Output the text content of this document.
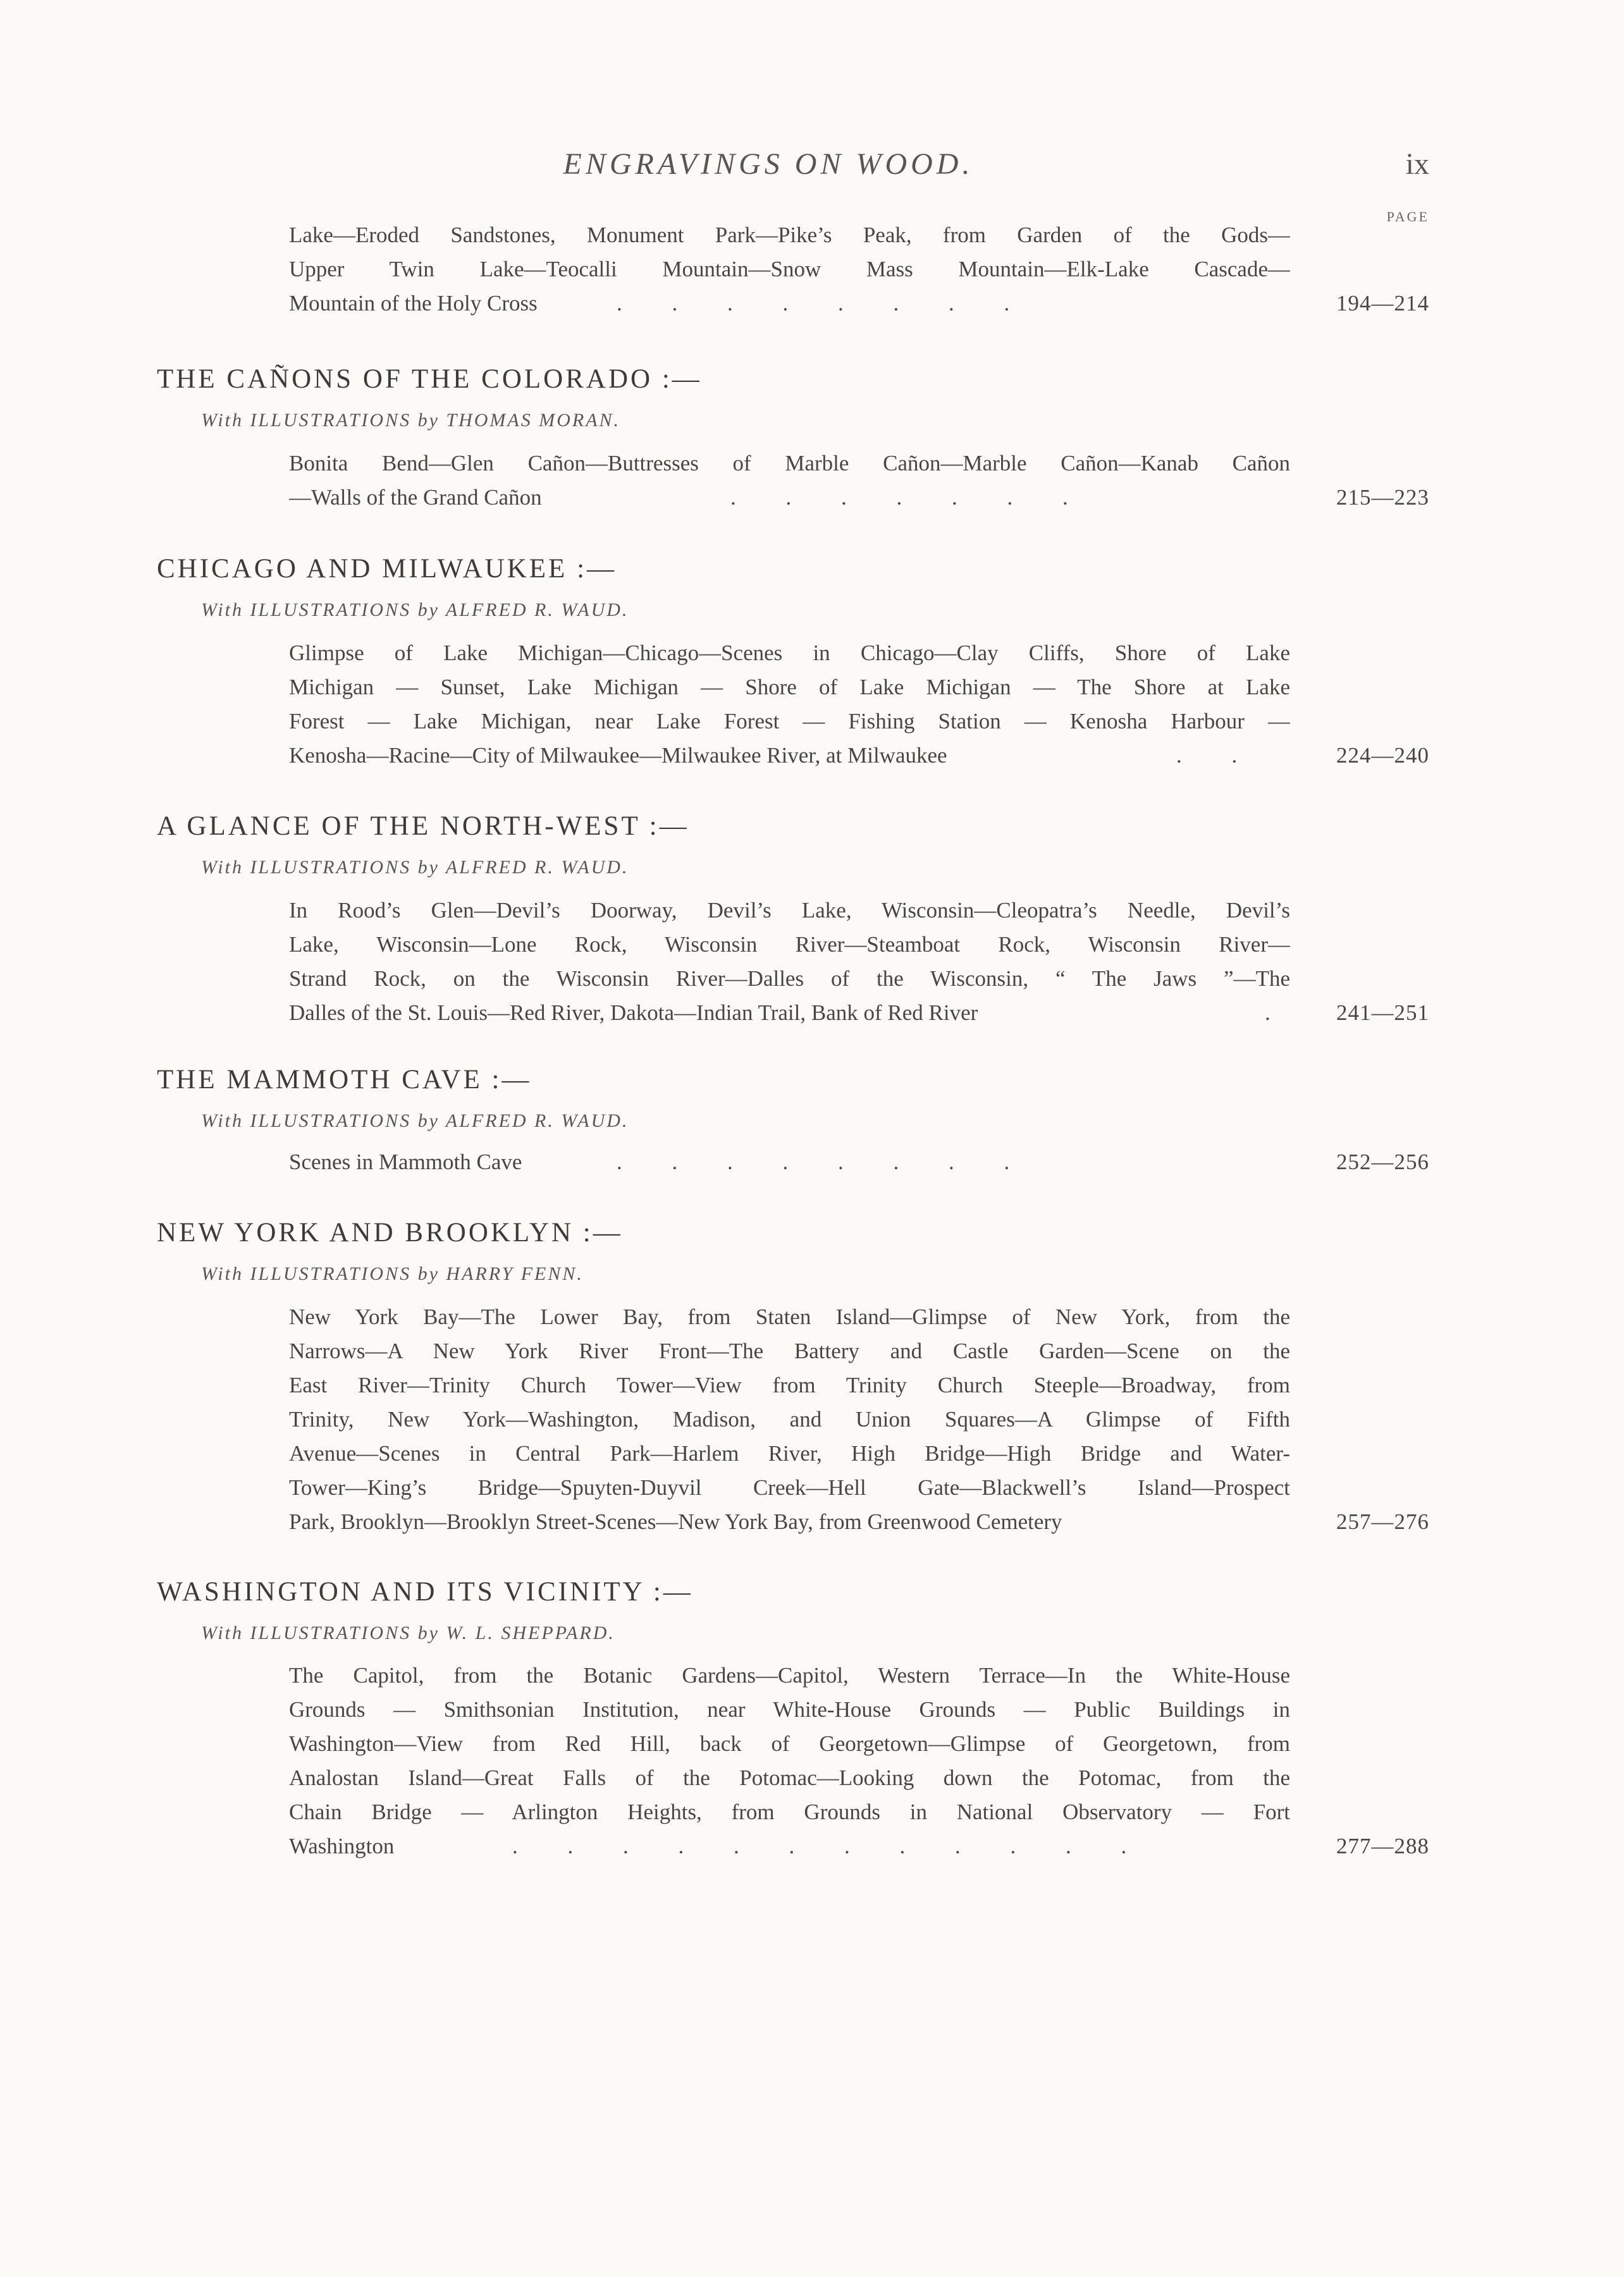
ENGRAVINGS ON WOOD.	ix
PAGE
Lake—Eroded Sandstones, Monument Park—Pike’s Peak, from Garden of the Gods—
Upper Twin Lake—Teocalli Mountain—Snow Mass Mountain—Elk-Lake Cascade—
Mountain of the Holy Cross	.         .         .         .         .         .         .         .	194—214
THE CAÑONS OF THE COLORADO :—
With ILLUSTRATIONS by THOMAS MORAN.
Bonita Bend—Glen Cañon—Buttresses of Marble Cañon—Marble Cañon—Kanab Cañon
—Walls of the Grand Cañon	.         .         .         .         .         .         .	215—223
CHICAGO AND MILWAUKEE :—
With ILLUSTRATIONS by ALFRED R. WAUD.
Glimpse of Lake Michigan—Chicago—Scenes in Chicago—Clay Cliffs, Shore of Lake
Michigan — Sunset, Lake Michigan — Shore of Lake Michigan — The Shore at Lake
Forest — Lake Michigan, near Lake Forest — Fishing Station — Kenosha Harbour —
Kenosha—Racine—City of Milwaukee—Milwaukee River, at Milwaukee	.         .	224—240
A GLANCE OF THE NORTH-WEST :—
With ILLUSTRATIONS by ALFRED R. WAUD.
In Rood’s Glen—Devil’s Doorway, Devil’s Lake, Wisconsin—Cleopatra’s Needle, Devil’s
Lake, Wisconsin—Lone Rock, Wisconsin River—Steamboat Rock, Wisconsin River—
Strand Rock, on the Wisconsin River—Dalles of the Wisconsin, “ The Jaws ”—The
Dalles of the St. Louis—Red River, Dakota—Indian Trail, Bank of Red River	.	241—251
THE MAMMOTH CAVE :—
With ILLUSTRATIONS by ALFRED R. WAUD.
Scenes in Mammoth Cave	.         .         .         .         .         .         .         .	252—256
NEW YORK AND BROOKLYN :—
With ILLUSTRATIONS by HARRY FENN.
New York Bay—The Lower Bay, from Staten Island—Glimpse of New York, from the
Narrows—A New York River Front—The Battery and Castle Garden—Scene on the
East River—Trinity Church Tower—View from Trinity Church Steeple—Broadway, from
Trinity, New York—Washington, Madison, and Union Squares—A Glimpse of Fifth
Avenue—Scenes in Central Park—Harlem River, High Bridge—High Bridge and Water-
Tower—King’s Bridge—Spuyten-Duyvil Creek—Hell Gate—Blackwell’s Island—Prospect
Park, Brooklyn—Brooklyn Street-Scenes—New York Bay, from Greenwood Cemetery	257—276
WASHINGTON AND ITS VICINITY :—
With ILLUSTRATIONS by W. L. SHEPPARD.
The Capitol, from the Botanic Gardens—Capitol, Western Terrace—In the White-House
Grounds — Smithsonian Institution, near White-House Grounds — Public Buildings in
Washington—View from Red Hill, back of Georgetown—Glimpse of Georgetown, from
Analostan Island—Great Falls of the Potomac—Looking down the Potomac, from the
Chain Bridge — Arlington Heights, from Grounds in National Observatory — Fort
Washington	.         .         .         .         .         .         .         .         .         .         .         .	277—288
